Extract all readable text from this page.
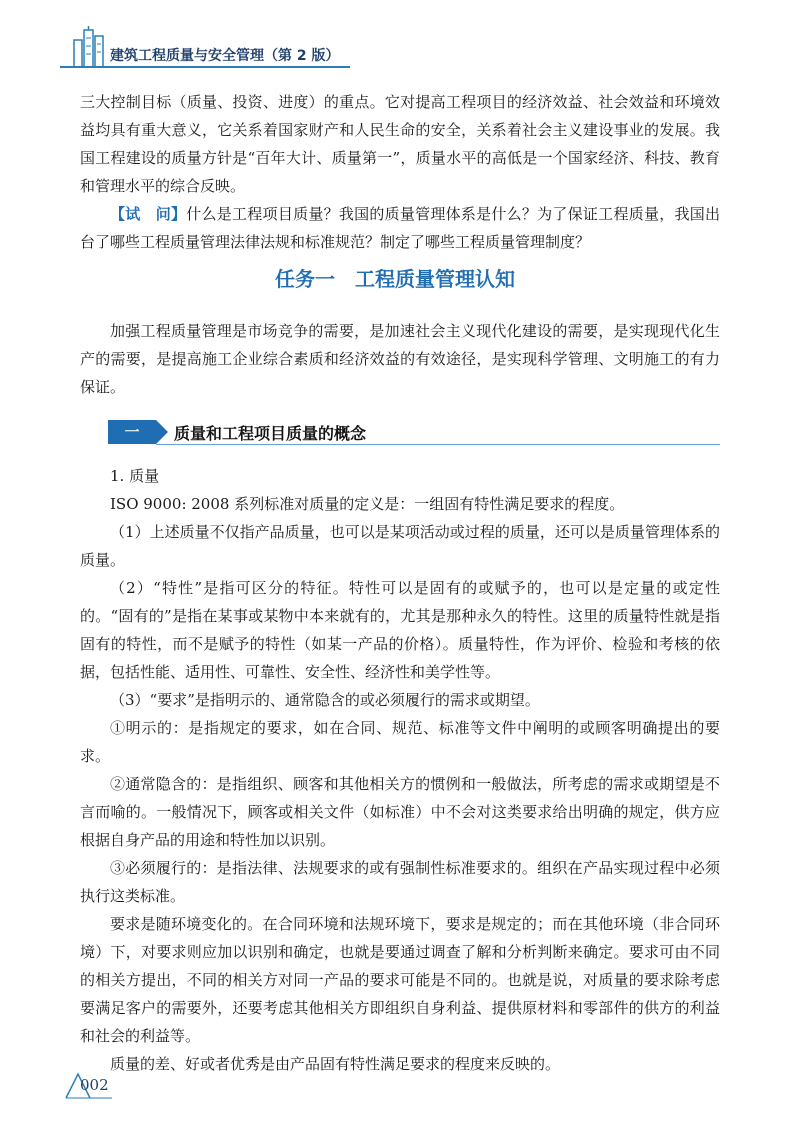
建筑工程质量与安全管理（第 2 版）

三大控制目标（质量、投资、进度）的重点。它对提高工程项目的经济效益、社会效益和环境效益均具有重大意义，它关系着国家财产和人民生命的安全，关系着社会主义建设事业的发展。我国工程建设的质量方针是“百年大计、质量第一”，质量水平的高低是一个国家经济、科技、教育和管理水平的综合反映。

【试　问】什么是工程项目质量？我国的质量管理体系是什么？为了保证工程质量，我国出台了哪些工程质量管理法律法规和标准规范？制定了哪些工程质量管理制度？

任务一　工程质量管理认知

加强工程质量管理是市场竞争的需要，是加速社会主义现代化建设的需要，是实现现代化生产的需要，是提高施工企业综合素质和经济效益的有效途径，是实现科学管理、文明施工的有力保证。

一	质量和工程项目质量的概念

1. 质量

ISO 9000: 2008 系列标准对质量的定义是：一组固有特性满足要求的程度。

（1）上述质量不仅指产品质量，也可以是某项活动或过程的质量，还可以是质量管理体系的质量。

（2）“特性”是指可区分的特征。特性可以是固有的或赋予的，也可以是定量的或定性的。“固有的”是指在某事或某物中本来就有的，尤其是那种永久的特性。这里的质量特性就是指固有的特性，而不是赋予的特性（如某一产品的价格）。质量特性，作为评价、检验和考核的依据，包括性能、适用性、可靠性、安全性、经济性和美学性等。

（3）“要求”是指明示的、通常隐含的或必须履行的需求或期望。

①明示的：是指规定的要求，如在合同、规范、标准等文件中阐明的或顾客明确提出的要求。

②通常隐含的：是指组织、顾客和其他相关方的惯例和一般做法，所考虑的需求或期望是不言而喻的。一般情况下，顾客或相关文件（如标准）中不会对这类要求给出明确的规定，供方应根据自身产品的用途和特性加以识别。

③必须履行的：是指法律、法规要求的或有强制性标准要求的。组织在产品实现过程中必须执行这类标准。

要求是随环境变化的。在合同环境和法规环境下，要求是规定的；而在其他环境（非合同环境）下，对要求则应加以识别和确定，也就是要通过调查了解和分析判断来确定。要求可由不同的相关方提出，不同的相关方对同一产品的要求可能是不同的。也就是说，对质量的要求除考虑要满足客户的需要外，还要考虑其他相关方即组织自身利益、提供原材料和零部件的供方的利益和社会的利益等。

质量的差、好或者优秀是由产品固有特性满足要求的程度来反映的。

002
